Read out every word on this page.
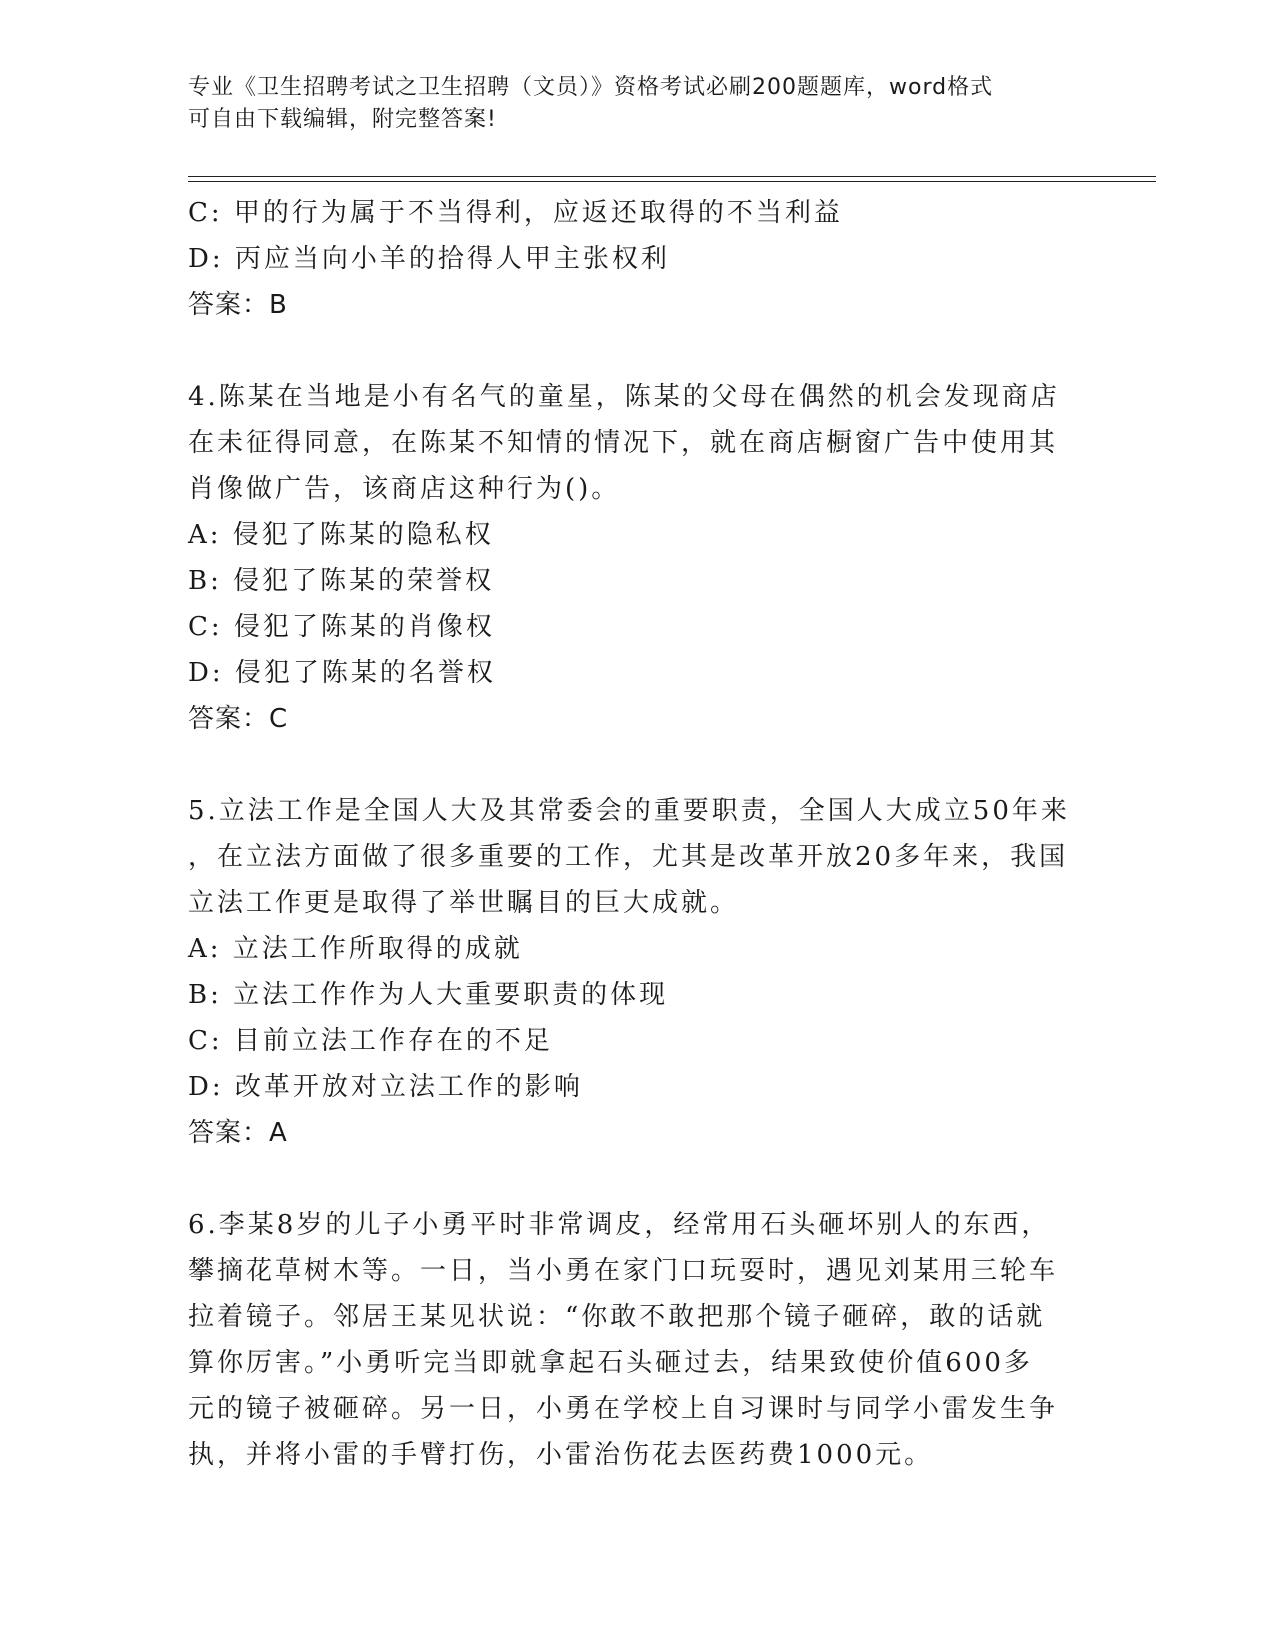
专业《卫生招聘考试之卫生招聘（文员）》资格考试必刷200题题库，word格式
可自由下载编辑，附完整答案!
C: 甲的行为属于不当得利，应返还取得的不当利益
D: 丙应当向小羊的拾得人甲主张权利
答案：B
4.陈某在当地是小有名气的童星，陈某的父母在偶然的机会发现商店
在未征得同意，在陈某不知情的情况下，就在商店橱窗广告中使用其
肖像做广告，该商店这种行为()。
A: 侵犯了陈某的隐私权
B: 侵犯了陈某的荣誉权
C: 侵犯了陈某的肖像权
D: 侵犯了陈某的名誉权
答案：C
5.立法工作是全国人大及其常委会的重要职责，全国人大成立50年来
，在立法方面做了很多重要的工作，尤其是改革开放20多年来，我国
立法工作更是取得了举世瞩目的巨大成就。
A: 立法工作所取得的成就
B: 立法工作作为人大重要职责的体现
C: 目前立法工作存在的不足
D: 改革开放对立法工作的影响
答案：A
6.李某8岁的儿子小勇平时非常调皮，经常用石头砸坏别人的东西，
攀摘花草树木等。一日，当小勇在家门口玩耍时，遇见刘某用三轮车
拉着镜子。邻居王某见状说：“你敢不敢把那个镜子砸碎，敢的话就
算你厉害。”小勇听完当即就拿起石头砸过去，结果致使价值600多
元的镜子被砸碎。另一日，小勇在学校上自习课时与同学小雷发生争
执，并将小雷的手臂打伤，小雷治伤花去医药费1000元。
